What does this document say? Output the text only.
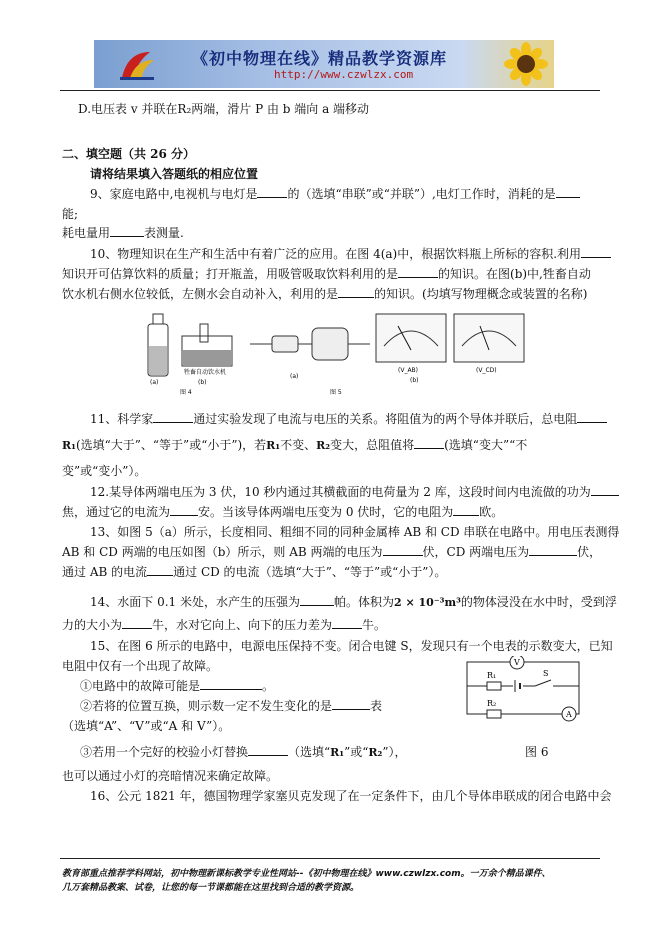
《初中物理在线》精品教学资源库
http://www.czwlzx.com
D.电压表 v 并联在R₂两端，滑片 P 由 b 端向 a 端移动
二、填空题（共 26 分）
请将结果填入答题纸的相应位置
9、家庭电路中,电视机与电灯是	的（选填“串联”或“并联”）,电灯工作时，消耗的是
能;
耗电量用	表测量.
10、物理知识在生产和生活中有着广泛的应用。在图 4(a)中，根据饮料瓶上所标的容积.利用
知识开可估算饮料的质量；打开瓶盖，用吸管吸取饮料利用的是	的知识。在图(b)中,牲畜自动
饮水机右侧水位较低，左侧水会自动补入，利用的是	的知识。(均填写物理概念或装置的名称)
(a)
牲畜自动饮水机
(b)
图 4
(a)
图 5
(V_AB)
(b)
(V_CD)
11、科学家	通过实验发现了电流与电压的关系。将阻值为的两个导体并联后，总电阻
R₁(选填“大于”、“等于”或“小于”)，若R₁不变、R₂变大，总阻值将	(选填“变大”“不
变”或“变小”）。
12.某导体两端电压为 3 伏，10 秒内通过其横截面的电荷量为 2 库，这段时间内电流做的功为
焦，通过它的电流为 安。当该导体两端电压变为 0 伏时，它的电阻为 欧。
13、如图 5（a）所示，长度相同、粗细不同的同种金属棒 AB 和 CD 串联在电路中。用电压表测得
AB 和 CD 两端的电压如图（b）所示，则 AB 两端的电压为	伏，CD 两端电压为	伏，
通过 AB 的电流 通过 CD 的电流（选填“大于”、“等于”或“小于”）。
14、水面下 0.1 米处，水产生的压强为	帕。体积为2 × 10⁻³m³的物体浸没在水中时，受到浮
力的大小为	牛，水对它向上、向下的压力差为	牛。
15、在图 6 所示的电路中，电源电压保持不变。闭合电键 S，发现只有一个电表的示数变大，已知
电阻中仅有一个出现了故障。
①电路中的故障可能是	。
②若将的位置互换，则示数一定不发生变化的是	表
（选填“A”、“V”或“A 和 V”）。
③若用一个完好的校验小灯替换	（选填“R₁”或“R₂”），	图 6
也可以通过小灯的亮暗情况来确定故障。
V
R₁	S
R₂
A
16、公元 1821 年，德国物理学家塞贝克发现了在一定条件下，由几个导体串联成的闭合电路中会
教育部重点推荐学科网站，初中物理新课标教学专业性网站--《初中物理在线》www.czwlzx.com。一万余个精品课件、
几万套精品教案、试卷，让您的每一节课都能在这里找到合适的教学资源。
